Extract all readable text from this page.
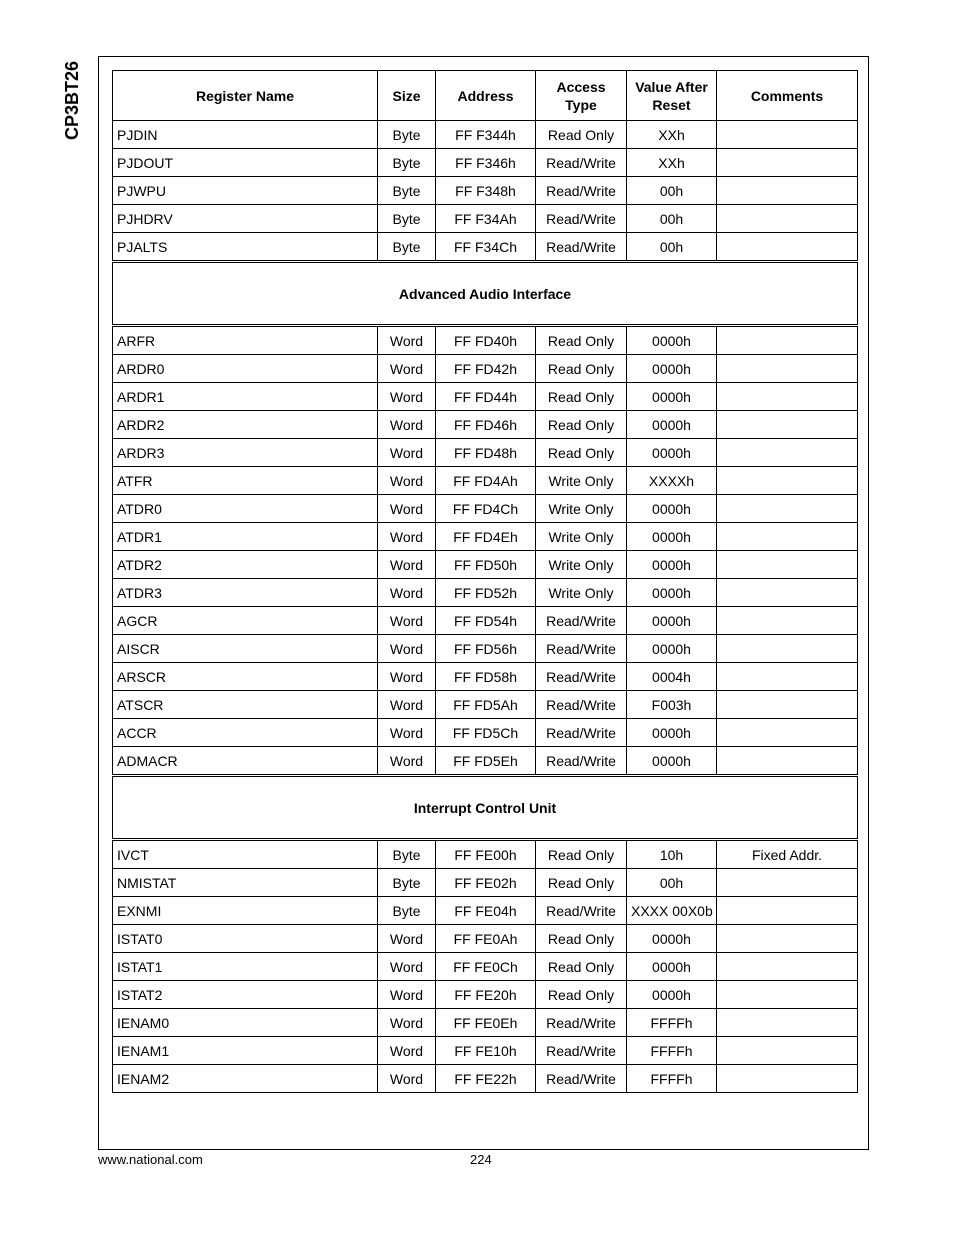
CP3BT26	Register Name	Size	Address	Access Type	Value After Reset	Comments
PJDIN	Byte	FF F344h	Read Only	XXh	
PJDOUT	Byte	FF F346h	Read/Write	XXh	
PJWPU	Byte	FF F348h	Read/Write	00h	
PJHDRV	Byte	FF F34Ah	Read/Write	00h	
PJALTS	Byte	FF F34Ch	Read/Write	00h	
Advanced Audio Interface					
ARFR	Word	FF FD40h	Read Only	0000h	
ARDR0	Word	FF FD42h	Read Only	0000h	
ARDR1	Word	FF FD44h	Read Only	0000h	
ARDR2	Word	FF FD46h	Read Only	0000h	
ARDR3	Word	FF FD48h	Read Only	0000h	
ATFR	Word	FF FD4Ah	Write Only	XXXXh	
ATDR0	Word	FF FD4Ch	Write Only	0000h	
ATDR1	Word	FF FD4Eh	Write Only	0000h	
ATDR2	Word	FF FD50h	Write Only	0000h	
ATDR3	Word	FF FD52h	Write Only	0000h	
AGCR	Word	FF FD54h	Read/Write	0000h	
AISCR	Word	FF FD56h	Read/Write	0000h	
ARSCR	Word	FF FD58h	Read/Write	0004h	
ATSCR	Word	FF FD5Ah	Read/Write	F003h	
ACCR	Word	FF FD5Ch	Read/Write	0000h	
ADMACR	Word	FF FD5Eh	Read/Write	0000h	
Interrupt Control Unit					
IVCT	Byte	FF FE00h	Read Only	10h	Fixed Addr.
NMISTAT	Byte	FF FE02h	Read Only	00h	
EXNMI	Byte	FF FE04h	Read/Write	XXXX 00X0b	
ISTAT0	Word	FF FE0Ah	Read Only	0000h	
ISTAT1	Word	FF FE0Ch	Read Only	0000h	
ISTAT2	Word	FF FE20h	Read Only	0000h	
IENAM0	Word	FF FE0Eh	Read/Write	FFFFh	
IENAM1	Word	FF FE10h	Read/Write	FFFFh	
IENAM2	Word	FF FE22h	Read/Write	FFFFh	
www.national.com	224
